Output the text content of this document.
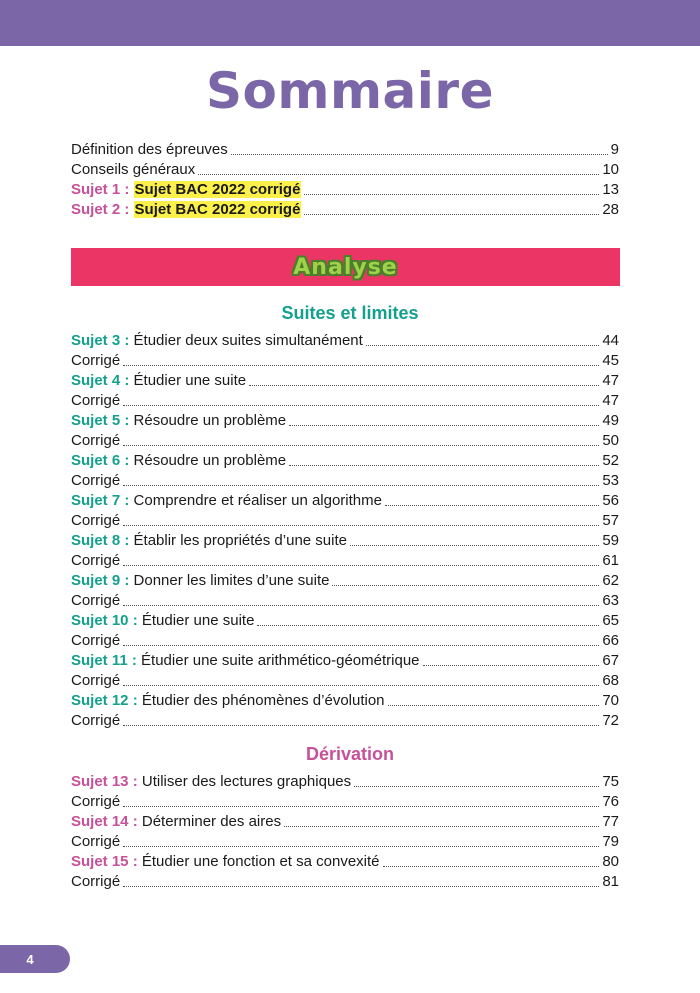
Sommaire
Définition des épreuves	9
Conseils généraux	10
Sujet 1 : Sujet BAC 2022 corrigé	13
Sujet 2 : Sujet BAC 2022 corrigé	28
Analyse
Suites et limites
Sujet 3 : Étudier deux suites simultanément	44
Corrigé	45
Sujet 4 : Étudier une suite	47
Corrigé	47
Sujet 5 : Résoudre un problème	49
Corrigé	50
Sujet 6 : Résoudre un problème	52
Corrigé	53
Sujet 7 : Comprendre et réaliser un algorithme	56
Corrigé	57
Sujet 8 : Établir les propriétés d’une suite	59
Corrigé	61
Sujet 9 : Donner les limites d’une suite	62
Corrigé	63
Sujet 10 : Étudier une suite	65
Corrigé	66
Sujet 11 : Étudier une suite arithmético-géométrique	67
Corrigé	68
Sujet 12 : Étudier des phénomènes d’évolution	70
Corrigé	72
Dérivation
Sujet 13 : Utiliser des lectures graphiques	75
Corrigé	76
Sujet 14 : Déterminer des aires	77
Corrigé	79
Sujet 15 : Étudier une fonction et sa convexité	80
Corrigé	81
4
